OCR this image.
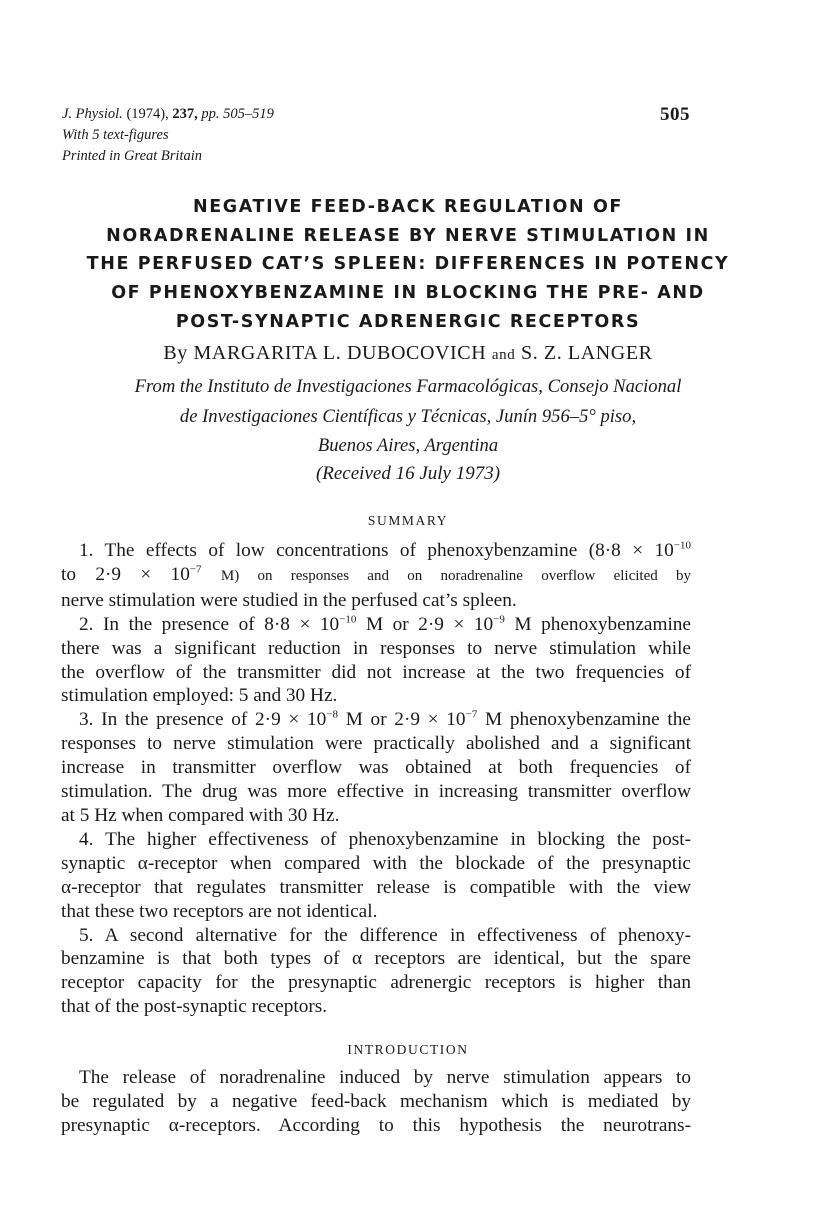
J. Physiol. (1974), 237, pp. 505–519
With 5 text-figures
Printed in Great Britain
505
NEGATIVE FEED-BACK REGULATION OF
NORADRENALINE RELEASE BY NERVE STIMULATION IN
THE PERFUSED CAT’S SPLEEN: DIFFERENCES IN POTENCY
OF PHENOXYBENZAMINE IN BLOCKING THE PRE- AND
POST-SYNAPTIC ADRENERGIC RECEPTORS
By MARGARITA L. DUBOCOVICH and S. Z. LANGER
From the Instituto de Investigaciones Farmacológicas, Consejo Nacional
de Investigaciones Científicas y Técnicas, Junín 956–5° piso,
Buenos Aires, Argentina
(Received 16 July 1973)
SUMMARY

1. The effects of low concentrations of phenoxybenzamine ($8\cdot 8 \times 10^{-10}$

to $2\cdot 9 \times 10^{-7}$ M) on responses and on noradrenaline overflow elicited by

nerve stimulation were studied in the perfused cat’s spleen.

2. In the presence of $8\cdot 8 \times 10^{-10}$ M or $2\cdot 9 \times 10^{-9}$ M phenoxybenzamine

there was a significant reduction in responses to nerve stimulation while

the overflow of the transmitter did not increase at the two frequencies of

stimulation employed: 5 and 30 Hz.

3. In the presence of $2\cdot 9 \times 10^{-8}$ M or $2\cdot 9 \times 10^{-7}$ M phenoxybenzamine the

responses to nerve stimulation were practically abolished and a significant

increase in transmitter overflow was obtained at both frequencies of

stimulation. The drug was more effective in increasing transmitter overflow

at 5 Hz when compared with 30 Hz.

4. The higher effectiveness of phenoxybenzamine in blocking the post-

synaptic α-receptor when compared with the blockade of the presynaptic

α-receptor that regulates transmitter release is compatible with the view

that these two receptors are not identical.

5. A second alternative for the difference in effectiveness of phenoxy-

benzamine is that both types of α receptors are identical, but the spare

receptor capacity for the presynaptic adrenergic receptors is higher than

that of the post-synaptic receptors.

INTRODUCTION

The release of noradrenaline induced by nerve stimulation appears to

be regulated by a negative feed-back mechanism which is mediated by

presynaptic α-receptors. According to this hypothesis the neurotrans-
